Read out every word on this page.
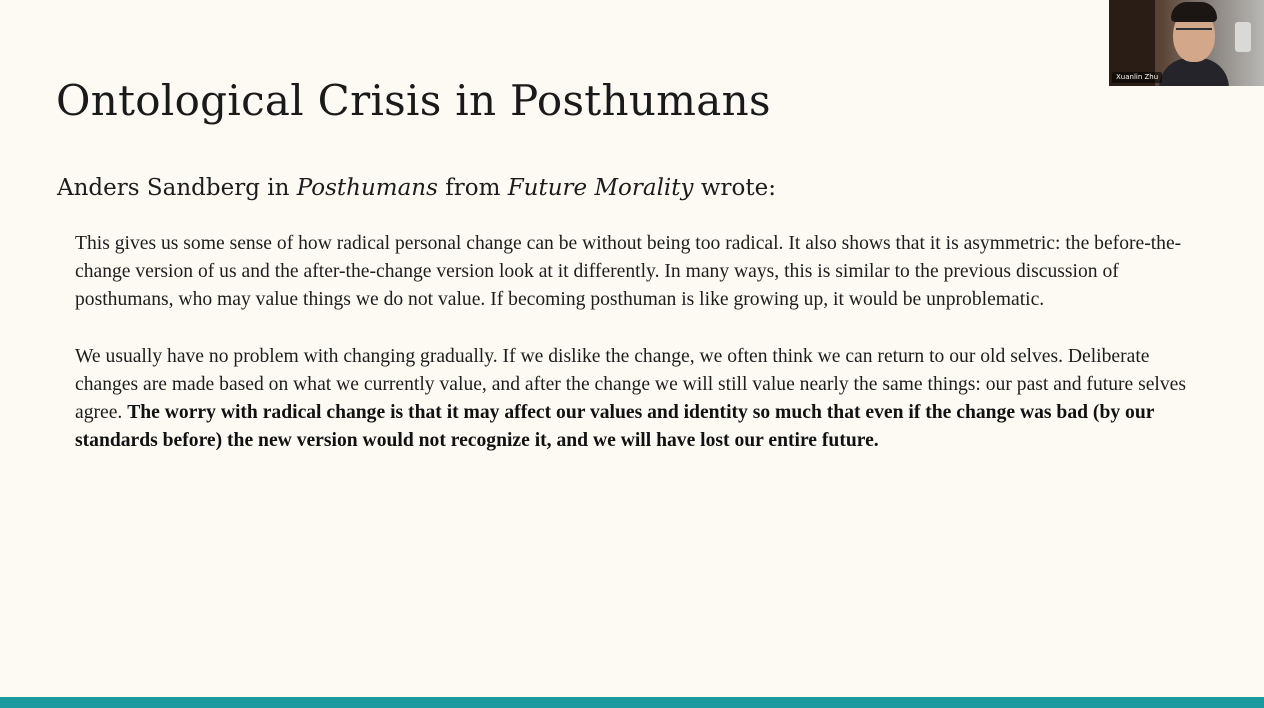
Ontological Crisis in Posthumans

Anders Sandberg in Posthumans from Future Morality wrote:

This gives us some sense of how radical personal change can be without being too radical. It also shows that it is asymmetric: the before-the-change version of us and the after-the-change version look at it differently. In many ways, this is similar to the previous discussion of posthumans, who may value things we do not value. If becoming posthuman is like growing up, it would be unproblematic.

We usually have no problem with changing gradually. If we dislike the change, we often think we can return to our old selves. Deliberate changes are made based on what we currently value, and after the change we will still value nearly the same things: our past and future selves agree. The worry with radical change is that it may affect our values and identity so much that even if the change was bad (by our standards before) the new version would not recognize it, and we will have lost our entire future.

Xuanlin Zhu
